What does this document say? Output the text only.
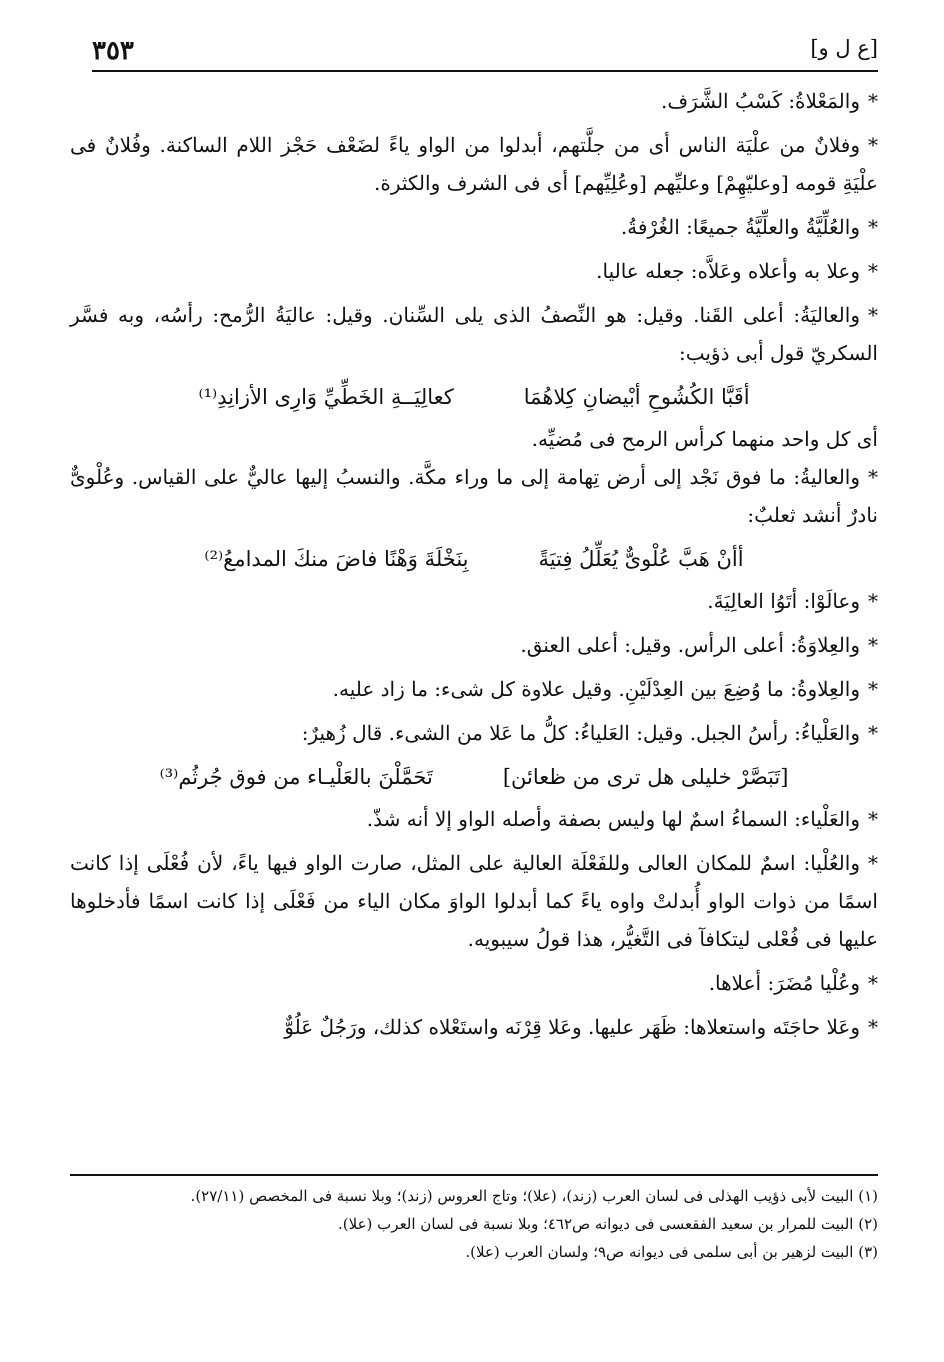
[ع ل و]
٣٥٣

*والمَعْلاةُ: كَسْبُ الشَّرَف.

*وفلانٌ من علْيَة الناس أى من جلَّتهم، أبدلوا من الواو ياءً لضَعْف حَجْز اللام الساكنة. وفُلانٌ فى علْيَةِ قومه [وعليّهِمْ] وعليِّهم [وعُلِيِّهم] أى فى الشرف والكثرة.

*والعُلِّيَّةُ والعلِّيَّةُ جميعًا: الغُرْفةُ.

*وعلا به وأعلاه وعَلاَّه: جعله عاليا.

*والعاليَةُ: أعلى القَنا. وقيل: هو النِّصفُ الذى يلى السِّنان. وقيل: عاليَةُ الرُّمح: رأسُه، وبه فسَّر السكريّ قول أبى ذؤيب:

أقَبَّا الكُشُوحِ أبْيضانِ كِلاهُمَا
كعالِيَــةِ الخَطِّيِّ وَارِى الأزانِدِ⁽¹⁾

أى كل واحد منهما كرأس الرمح فى مُضيِّه.

*والعاليةُ: ما فوق نَجْد إلى أرض تِهامة إلى ما وراء مكَّة. والنسبُ إليها عاليٌّ على القياس. وعُلْوىٌّ نادرٌ أنشد ثعلبٌ:

أأنْ هَبَّ عُلْوىٌّ يُعَلِّلُ فِتيَةً
بِنَخْلَةَ وَهْنًا فاضَ منكَ المدامعُ⁽²⁾

*وعالَوْا: أتَوُا العالِيَةَ.

*والعِلاوَةُ: أعلى الرأس. وقيل: أعلى العنق.

*والعِلاوةُ: ما وُضِعَ بين العِدْلَيْنِ. وقيل علاوة كل شىء: ما زاد عليه.

*والعَلْياءُ: رأسُ الجبل. وقيل: العَلياءُ: كلُّ ما عَلا من الشىء. قال زُهيرٌ:

[تَبَصَّرْ خليلى هل ترى من ظعائن]
تَحَمَّلْنَ بالعَلْيـاء من فوق جُرثُم⁽³⁾

*والعَلْياء: السماءُ اسمٌ لها وليس بصفة وأصله الواو إلا أنه شذّ.

*والعُلْيا: اسمٌ للمكان العالى وللفَعْلَة العالية على المثل، صارت الواو فيها ياءً، لأن فُعْلَى إذا كانت اسمًا من ذوات الواو أُبدلتْ واوه ياءً كما أبدلوا الواوَ مكان الياء من فَعْلَى إذا كانت اسمًا فأدخلوها عليها فى فُعْلى ليتكافآ فى التَّغيُّر، هذا قولُ سيبويه.

*وعُلْيا مُضَرَ: أعلاها.

*وعَلا حاجَتَه واستعلاها: ظَهَر عليها. وعَلا قِرْنَه واستَعْلاه كذلك، ورَجُلٌ عَلُوٌّ

(١) البيت لأبى ذؤيب الهذلى فى لسان العرب (زند)، (علا)؛ وتاج العروس (زند)؛ وبلا نسبة فى المخصص (٢٧/١١).

(٢) البيت للمرار بن سعيد الفقعسى فى ديوانه ص٤٦٢؛ وبلا نسبة فى لسان العرب (علا).

(٣) البيت لزهير بن أبى سلمى فى ديوانه ص٩؛ ولسان العرب (علا).
